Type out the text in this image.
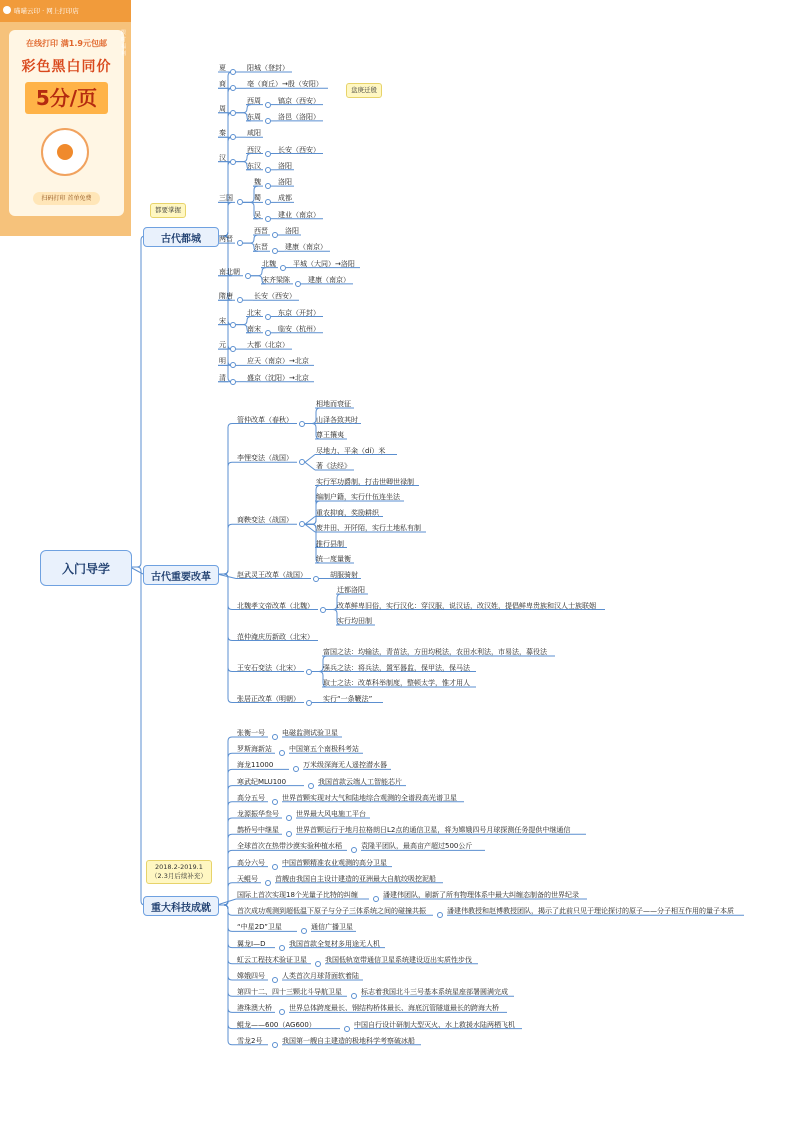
喵喵云印 · 网上打印店
在线打印 满1.9元包邮
彩色黑白同价
5分/页
扫码打印 首单免费
限时福利
入门导学
古代都城
古代重要改革
重大科技成就
都要掌握
盘庚迁殷
2018.2-2019.1
（2.3月后续补充）
夏	阳城（登封）
商	亳（商丘）→殷（安阳）
周
西周 镐京（西安）
东周 洛邑（洛阳）
秦	咸阳
汉
西汉 长安（西安）
东汉 洛阳
三国
魏 洛阳
蜀 成都
吴 建业（南京）
两晋
西晋 洛阳
东晋 建康（南京）
南北朝
北魏 平城（大同）→洛阳
宋齐梁陈	建康（南京）
隋唐	长安（西安）
宋
北宋 东京（开封）
南宋 临安（杭州）
元	大都（北京）
明	应天（南京）→北京
清	盛京（沈阳）→北京
管仲改革（春秋）
相地而衰征
山泽各致其时
尊王攘夷
李悝变法（战国）
尽地力、平籴（dí）米
著《法经》
商鞅变法（战国）
实行军功爵制，打击世卿世禄制
编制户籍，实行什伍连坐法
重农抑商，奖励耕织
废井田、开阡陌，实行土地私有制
推行县制
统一度量衡
赵武灵王改革（战国）	胡服骑射
北魏孝文帝改革（北魏）
迁都洛阳
改革鲜卑旧俗，实行汉化：穿汉服，说汉话，改汉姓，提倡鲜卑贵族和汉人士族联姻
实行均田制
范仲淹庆历新政（北宋）
王安石变法（北宋）
富国之法：均输法，青苗法，方田均税法，农田水利法，市易法，募役法
强兵之法：将兵法，置军器监，保甲法，保马法
取士之法：改革科举制度，整顿太学，惟才用人
张居正改革（明朝）	实行“一条鞭法”
张衡一号 电磁监测试验卫星
罗斯海新站 中国第五个南极科考站
海龙11000	万米级深海无人遥控潜水器
寒武纪MLU100	我国首款云端人工智能芯片
高分五号 世界首颗实现对大气和陆地综合观测的全谱段高光谱卫星
龙源振华叁号 世界最大风电施工平台
鹊桥号中继星 世界首颗运行于地月拉格朗日L2点的通信卫星，将为嫦娥四号月球探测任务提供中继通信
全球首次在热带沙漠实验种植水稻	袁隆平团队，最高亩产超过500公斤
高分六号 中国首颗精准农业观测的高分卫星
天鲲号 首艘由我国自主设计建造的亚洲最大自航绞吸挖泥船
国际上首次实现18个光量子比特的纠缠	潘建伟团队，刷新了所有物理体系中最大纠缠态制备的世界纪录
首次成功观测到超低温下原子与分子三体系统之间的碰撞共振	潘建伟教授和赵博教授团队，揭示了此前只见于理论探讨的原子——分子相互作用的量子本质
“中星2D”卫星	通信广播卫星
翼龙Ⅰ—D	我国首款全复材多用途无人机
虹云工程技术验证卫星	我国低轨宽带通信卫星系统建设迈出实质性步伐
嫦娥四号 人类首次月球背面软着陆
第四十二、四十三颗北斗导航卫星	标志着我国北斗三号基本系统星座部署圆满完成
港珠澳大桥 世界总体跨度最长、钢结构桥体最长、海底沉管隧道最长的跨海大桥
鲲龙——600（AG600）	中国自行设计研制大型灭火、水上救援水陆两栖飞机
雪龙2号	我国第一艘自主建造的极地科学考察破冰船
